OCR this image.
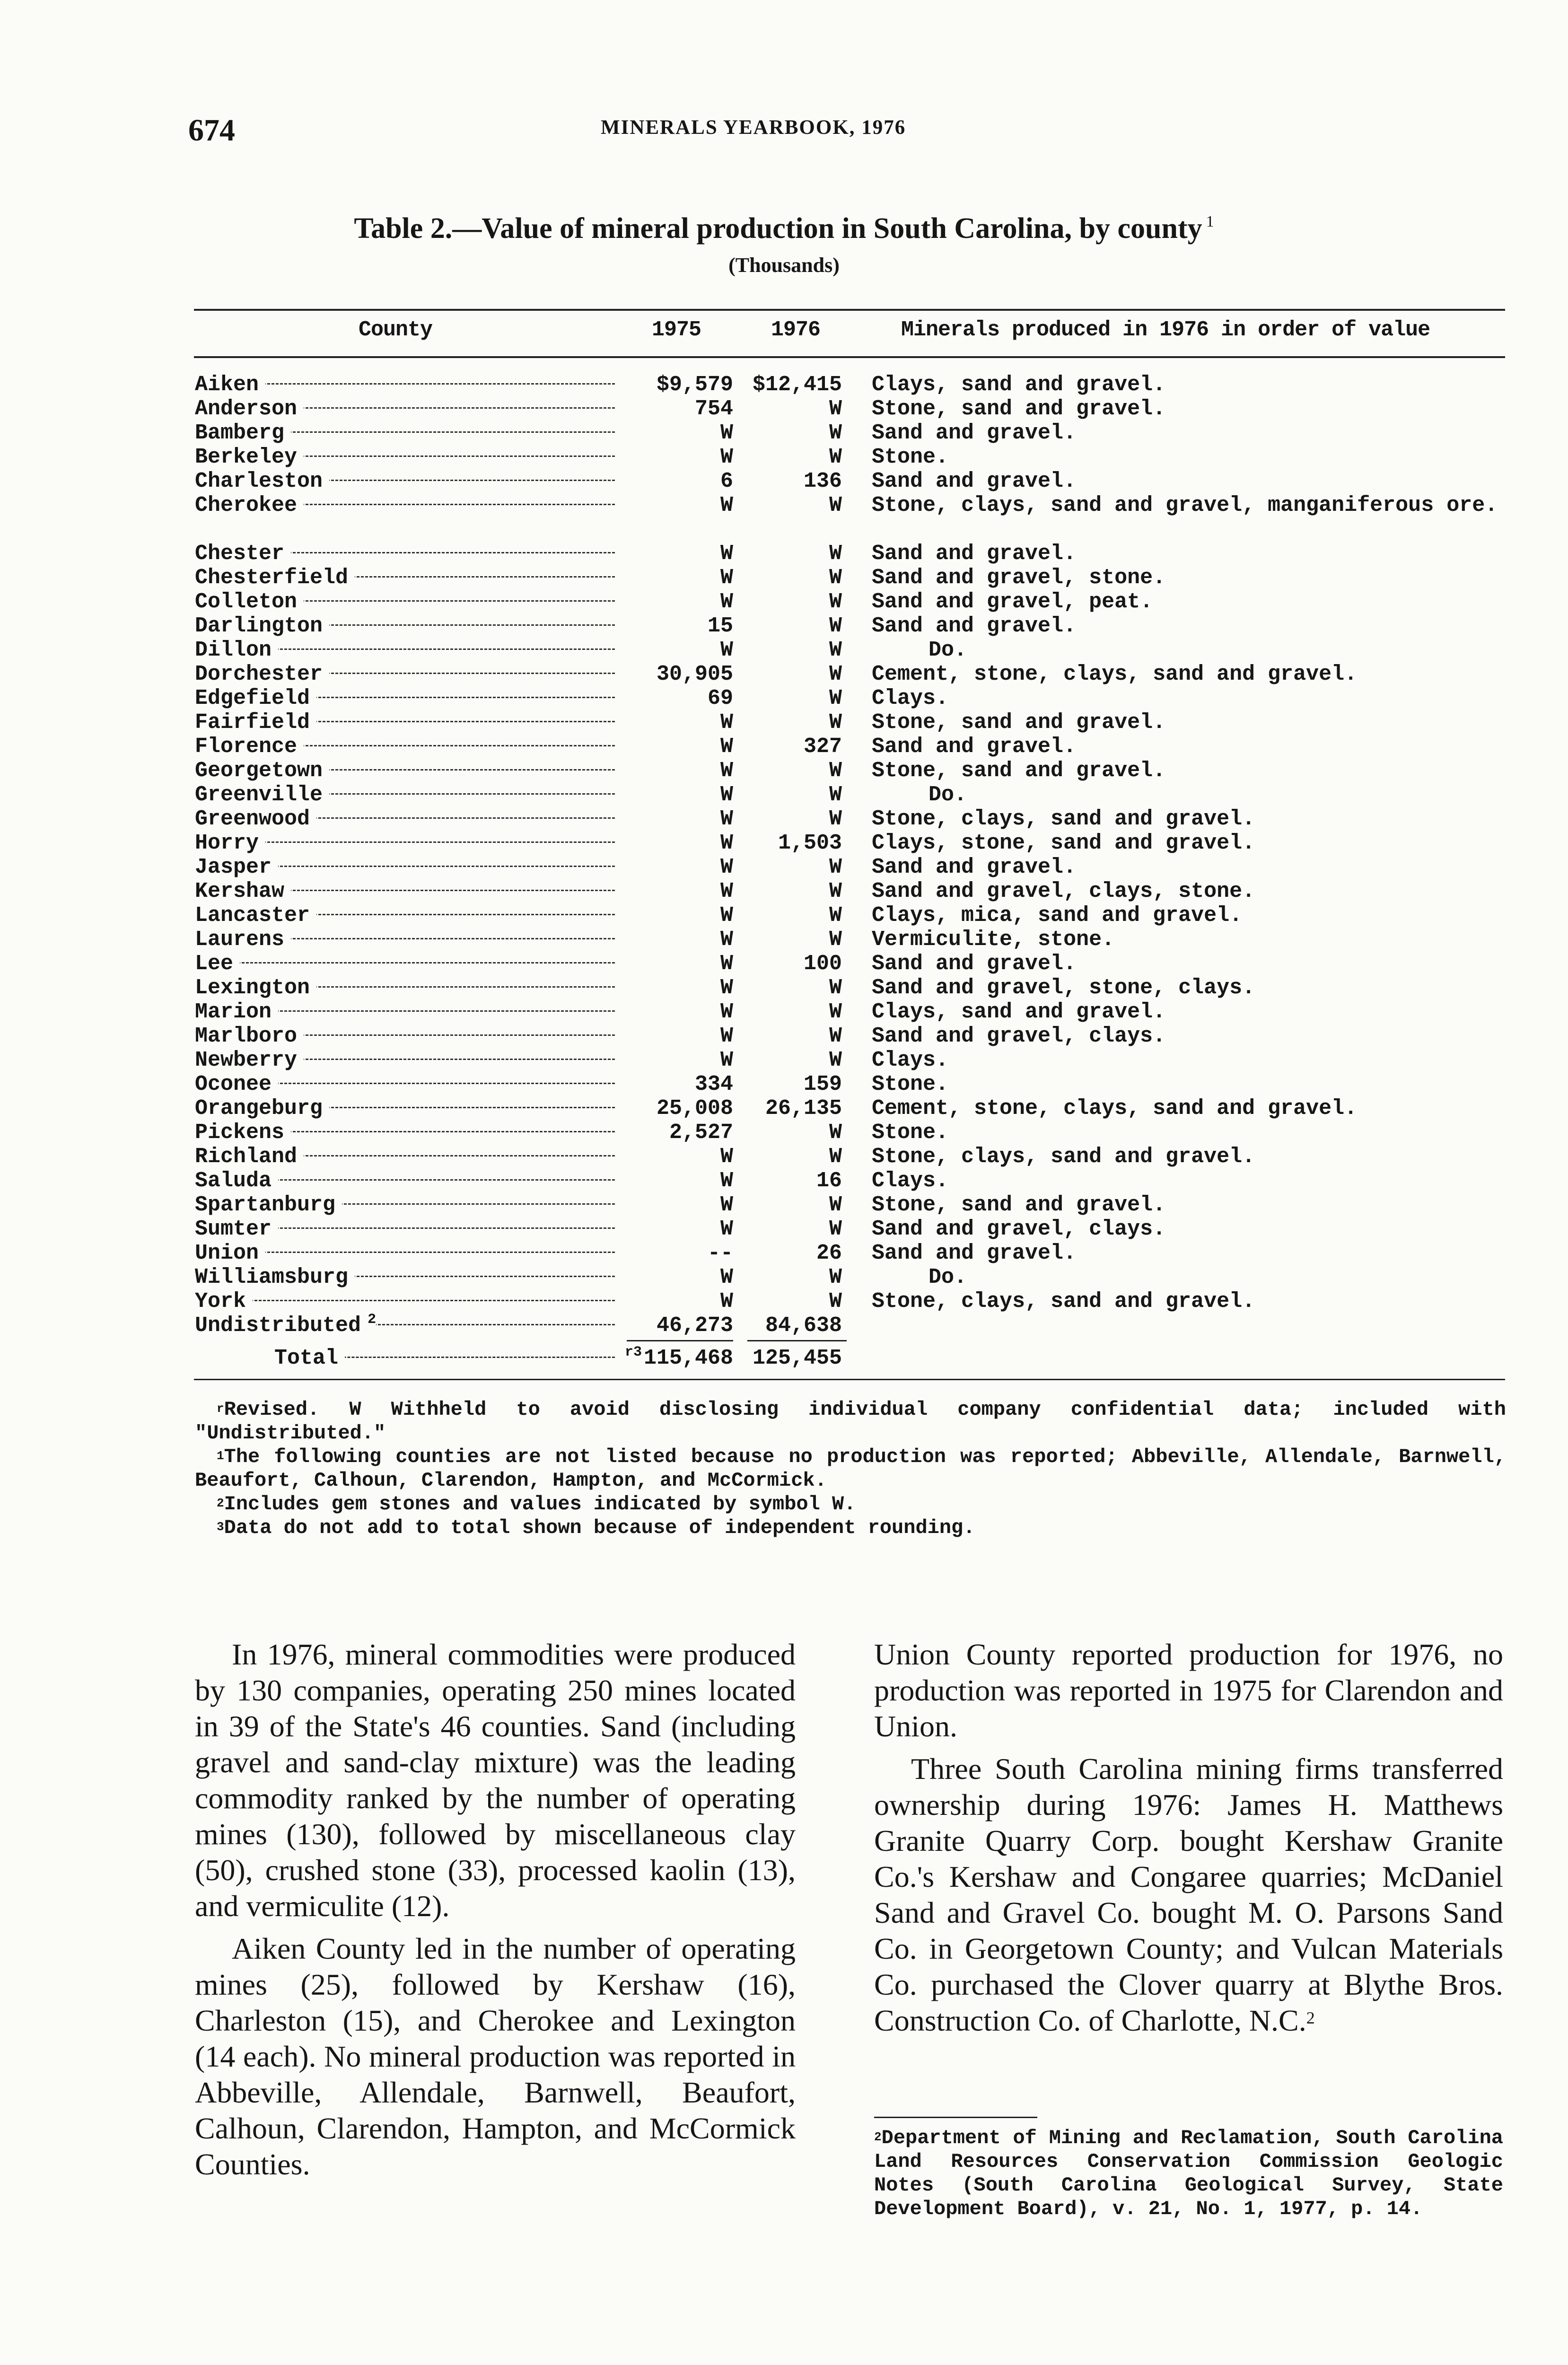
674	MINERALS YEARBOOK, 1976
Table 2.—Value of mineral production in South Carolina, by county $^1$
(Thousands)
County	1975	1976	Minerals produced in 1976 in order of value
Aiken	$9,579 $12,415 Clays, sand and gravel.
Anderson	754	W Stone, sand and gravel.
Bamberg	W	W Sand and gravel.
Berkeley	W	W Stone.
Charleston	6	136 Sand and gravel.
Cherokee	W	W Stone, clays, sand and gravel, manganiferous ore.
Chester	W	W Sand and gravel.
Chesterfield	W	W Sand and gravel, stone.
Colleton	W	W Sand and gravel, peat.
Darlington	15	W Sand and gravel.
Dillon	W	W	Do.
Dorchester	30,905	W Cement, stone, clays, sand and gravel.
Edgefield	69	W Clays.
Fairfield	W	W Stone, sand and gravel.
Florence	W	327 Sand and gravel.
Georgetown	W	W Stone, sand and gravel.
Greenville	W	W	Do.
Greenwood	W	W Stone, clays, sand and gravel.
Horry	W	1,503 Clays, stone, sand and gravel.
Jasper	W	W Sand and gravel.
Kershaw	W	W Sand and gravel, clays, stone.
Lancaster	W	W Clays, mica, sand and gravel.
Laurens	W	W Vermiculite, stone.
Lee	W	100 Sand and gravel.
Lexington	W	W Sand and gravel, stone, clays.
Marion	W	W Clays, sand and gravel.
Marlboro	W	W Sand and gravel, clays.
Newberry	W	W Clays.
Oconee	334	159 Stone.
Orangeburg	25,008	26,135 Cement, stone, clays, sand and gravel.
Pickens	2,527	W Stone.
Richland	W	W Stone, clays, sand and gravel.
Saluda	W	16 Clays.
Spartanburg	W	W Stone, sand and gravel.
Sumter	W	W Sand and gravel, clays.
Union	--	26 Sand and gravel.
Williamsburg	W	W	Do.
York	W	W Stone, clays, sand and gravel.
Undistributed $^2$	46,273	84,638
Total	$^{r3}$115,468 125,455
$^r$Revised. W Withheld to avoid disclosing individual company confidential data; included with "Undistributed."
$^1$The following counties are not listed because no production was reported; Abbeville, Allendale, Barnwell, Beaufort, Calhoun, Clarendon, Hampton, and McCormick.
$^2$Includes gem stones and values indicated by symbol W.
$^3$Data do not add to total shown because of independent rounding.

In 1976, mineral commodities were produced by 130 companies, operating 250 mines located in 39 of the State's 46 counties. Sand (including gravel and sand-clay mixture) was the leading commodity ranked by the number of operating mines (130), followed by miscellaneous clay (50), crushed stone (33), processed kaolin (13), and vermiculite (12).

Aiken County led in the number of operating mines (25), followed by Kershaw (16), Charleston (15), and Cherokee and Lexington (14 each). No mineral production was reported in Abbeville, Allendale, Barnwell, Beaufort, Calhoun, Clarendon, Hampton, and McCormick Counties.

Union County reported production for 1976, no production was reported in 1975 for Clarendon and Union.

Three South Carolina mining firms transferred ownership during 1976: James H. Matthews Granite Quarry Corp. bought Kershaw Granite Co.'s Kershaw and Congaree quarries; McDaniel Sand and Gravel Co. bought M. O. Parsons Sand Co. in Georgetown County; and Vulcan Materials Co. purchased the Clover quarry at Blythe Bros. Construction Co. of Charlotte, N.C.$^2$

$^2$Department of Mining and Reclamation, South Carolina Land Resources Conservation Commission Geologic Notes (South Carolina Geological Survey, State Development Board), v. 21, No. 1, 1977, p. 14.
